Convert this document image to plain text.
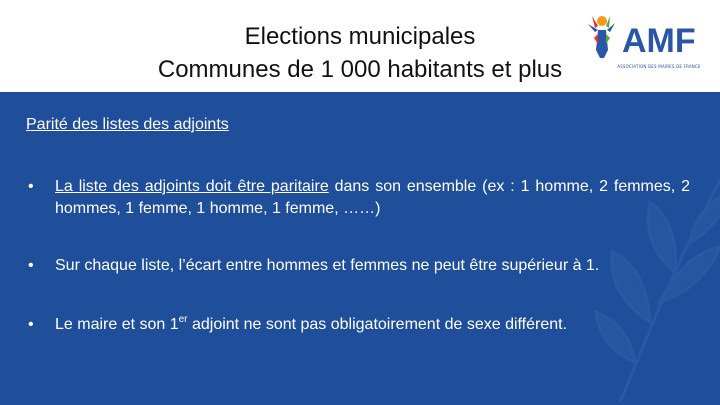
Elections municipales
Communes de 1 000 habitants et plus
AMF
ASSOCIATION DES MAIRES DE FRANCE
Parité des listes des adjoints
• La liste des adjoints doit être paritaire dans son ensemble (ex : 1 homme, 2 femmes, 2 hommes, 1 femme, 1 homme, 1 femme, ……)
• Sur chaque liste, l’écart entre hommes et femmes ne peut être supérieur à 1.
• Le maire et son 1er adjoint ne sont pas obligatoirement de sexe différent.
